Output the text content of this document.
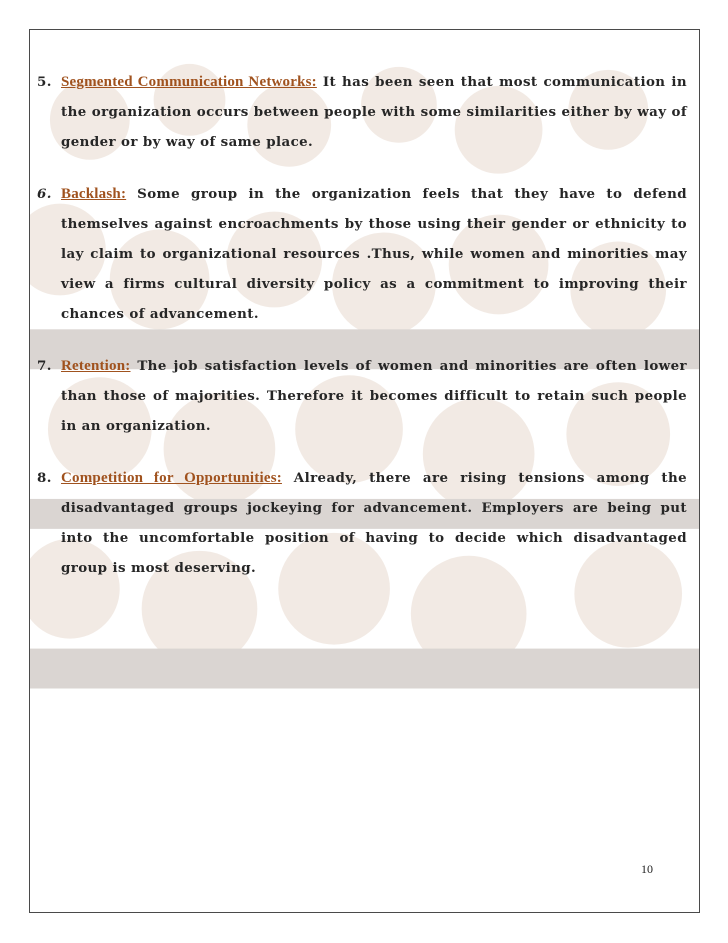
5. Segmented Communication Networks: It has been seen that most communication in the organization occurs between people with some similarities either by way of gender or by way of same place.
6. Backlash: Some group in the organization feels that they have to defend themselves against encroachments by those using their gender or ethnicity to lay claim to organizational resources .Thus, while women and minorities may view a firms cultural diversity policy as a commitment to improving their chances of advancement.
7. Retention: The job satisfaction levels of women and minorities are often lower than those of majorities. Therefore it becomes difficult to retain such people in an organization.
8. Competition for Opportunities: Already, there are rising tensions among the disadvantaged groups jockeying for advancement. Employers are being put into the uncomfortable position of having to decide which disadvantaged group is most deserving.
10
